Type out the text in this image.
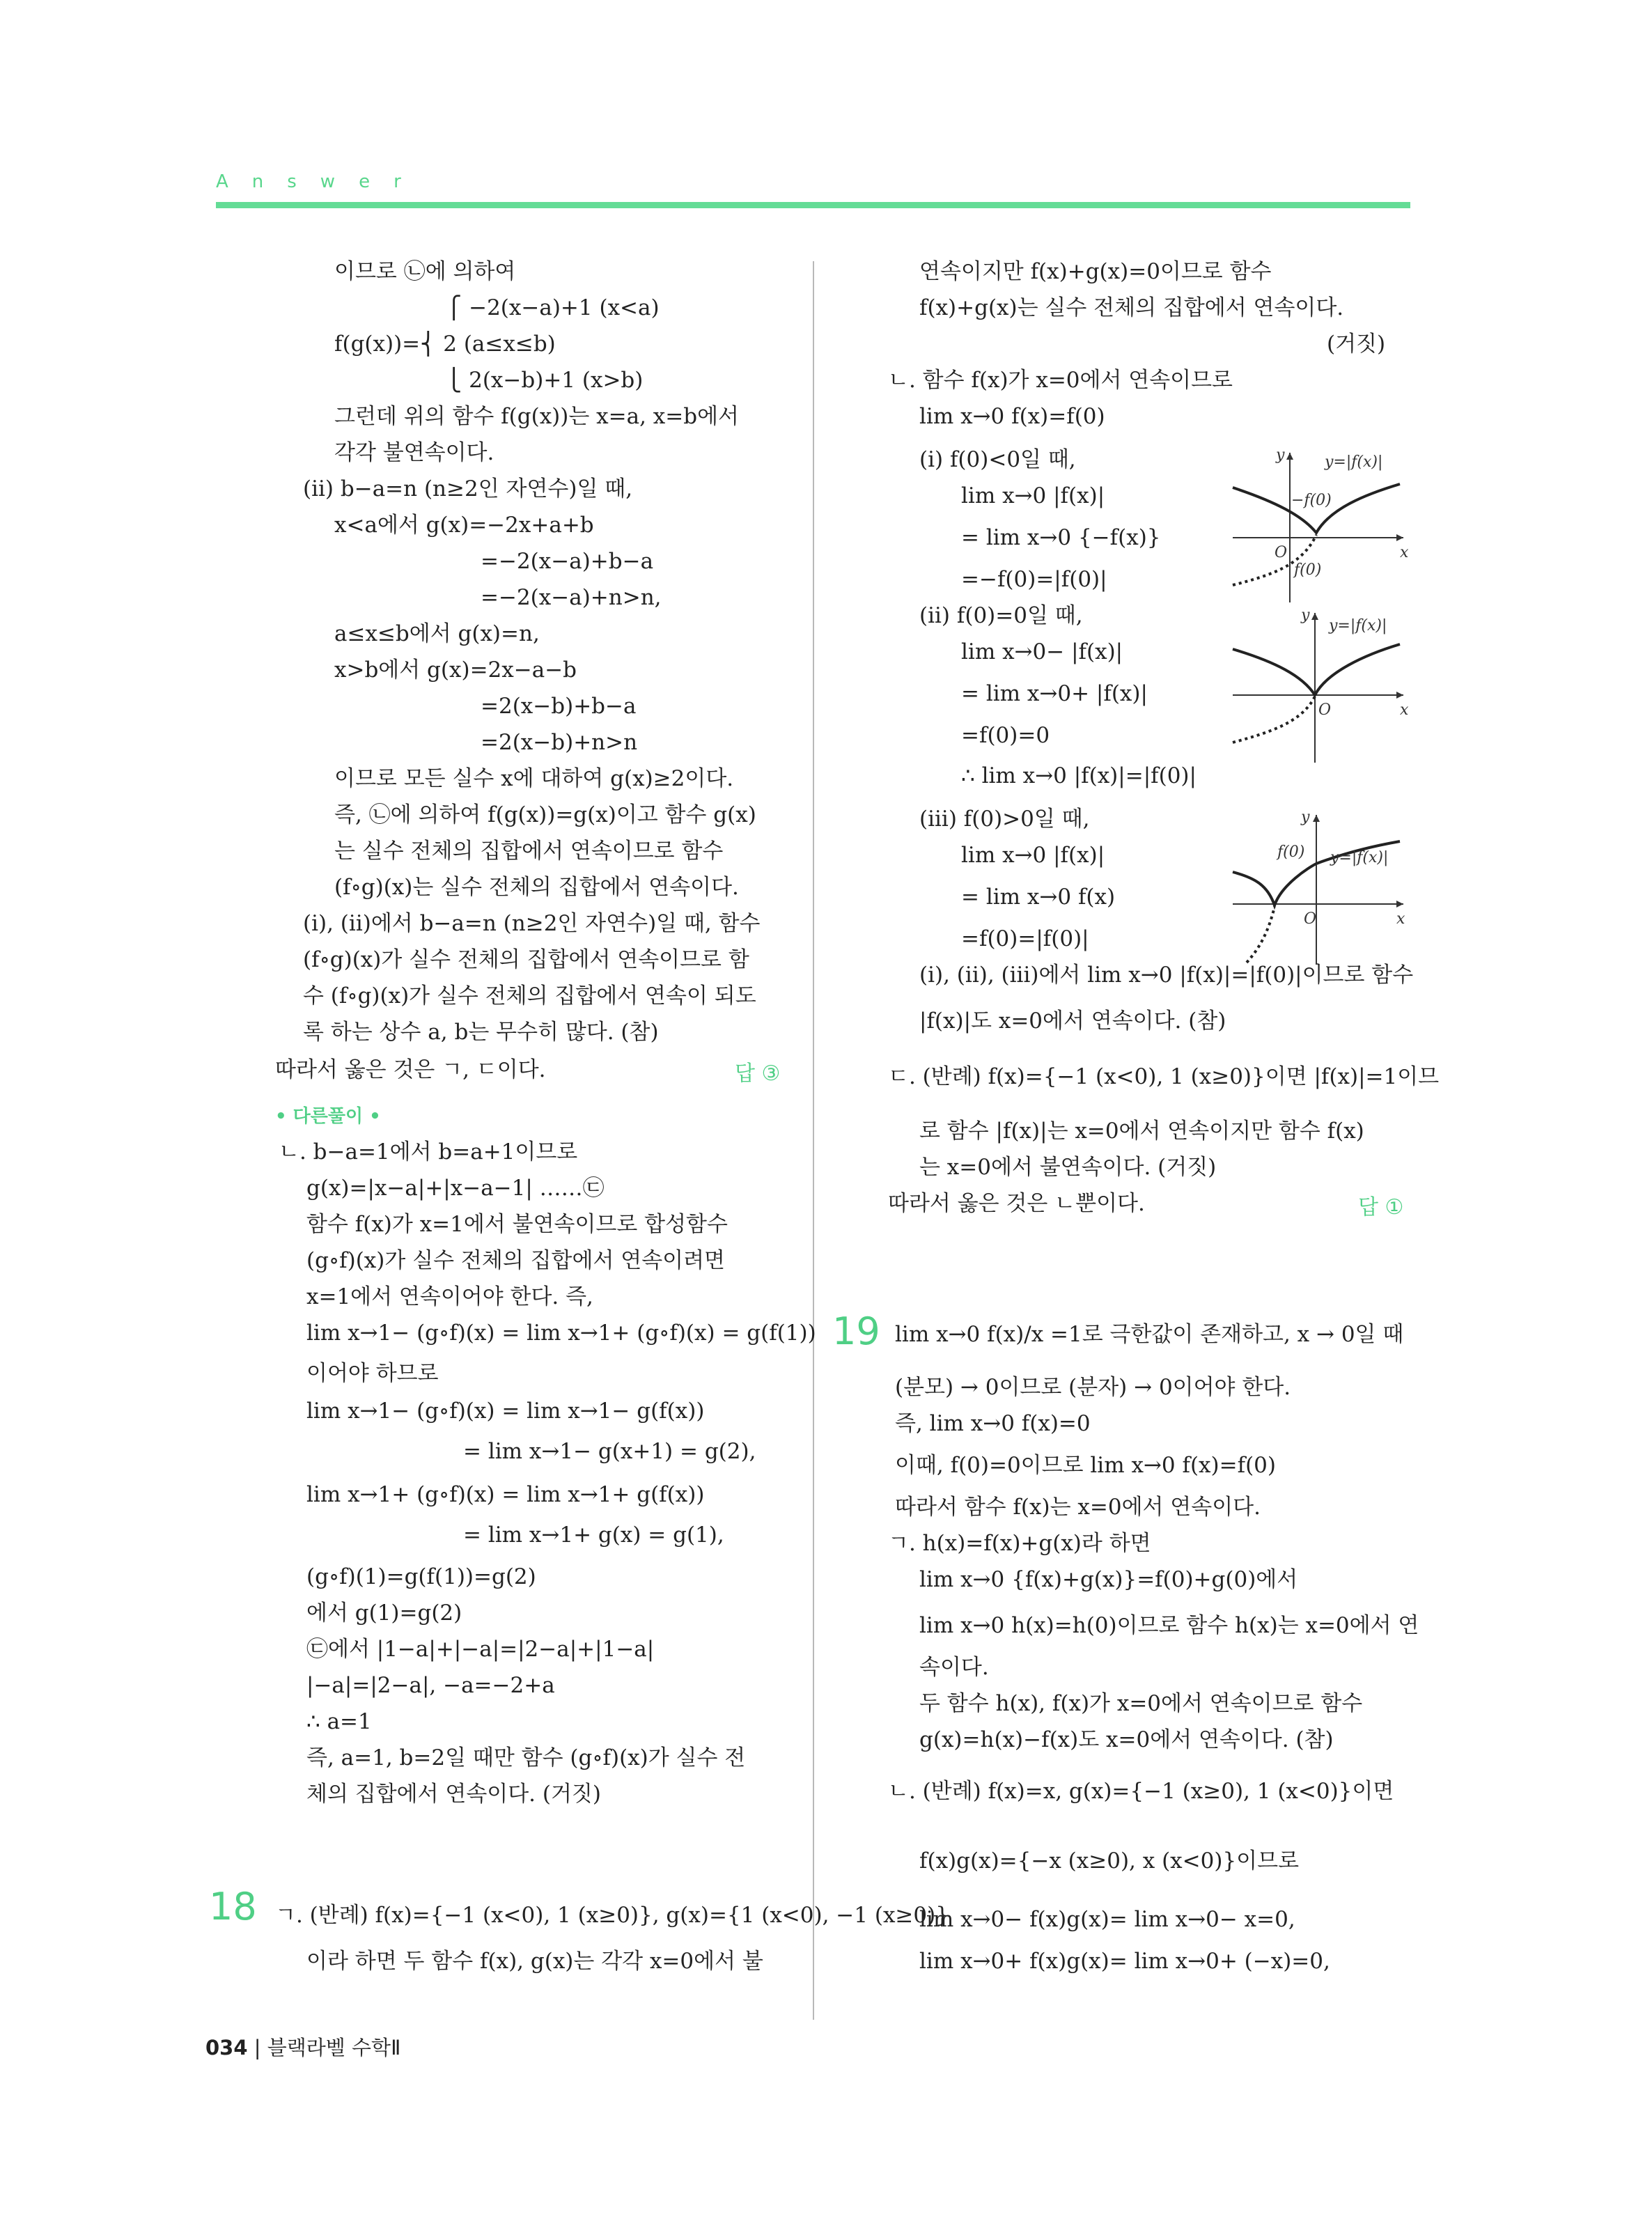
Answer
이므로 ㉡에 의하여
⎧ −2(x−a)+1 (x<a)
f(g(x))=⎨ 2 (a≤x≤b)
⎩ 2(x−b)+1 (x>b)
그런데 위의 함수 f(g(x))는 x=a, x=b에서
각각 불연속이다.
(ii) b−a=n (n≥2인 자연수)일 때,
x<a에서 g(x)=−2x+a+b
=−2(x−a)+b−a
=−2(x−a)+n>n,
a≤x≤b에서 g(x)=n,
x>b에서 g(x)=2x−a−b
=2(x−b)+b−a
=2(x−b)+n>n
이므로 모든 실수 x에 대하여 g(x)≥2이다.
즉, ㉡에 의하여 f(g(x))=g(x)이고 함수 g(x)
는 실수 전체의 집합에서 연속이므로 함수
(f∘g)(x)는 실수 전체의 집합에서 연속이다.
(i), (ii)에서 b−a=n (n≥2인 자연수)일 때, 함수
(f∘g)(x)가 실수 전체의 집합에서 연속이므로 함
수 (f∘g)(x)가 실수 전체의 집합에서 연속이 되도
록 하는 상수 a, b는 무수히 많다. (참)
따라서 옳은 것은 ㄱ, ㄷ이다.	답 ③
• 다른풀이 •
ㄴ. b−a=1에서 b=a+1이므로
g(x)=|x−a|+|x−a−1| ……㉢
함수 f(x)가 x=1에서 불연속이므로 합성함수
(g∘f)(x)가 실수 전체의 집합에서 연속이려면
x=1에서 연속이어야 한다. 즉,
lim x→1− (g∘f)(x) = lim x→1+ (g∘f)(x) = g(f(1))
이어야 하므로
lim x→1− (g∘f)(x) = lim x→1− g(f(x))
= lim x→1− g(x+1) = g(2),
lim x→1+ (g∘f)(x) = lim x→1+ g(f(x))
= lim x→1+ g(x) = g(1),
(g∘f)(1)=g(f(1))=g(2)
에서 g(1)=g(2)
㉢에서 |1−a|+|−a|=|2−a|+|1−a|
|−a|=|2−a|, −a=−2+a
∴ a=1
즉, a=1, b=2일 때만 함수 (g∘f)(x)가 실수 전
체의 집합에서 연속이다. (거짓)
18 ㄱ. (반례) f(x)={−1 (x<0), 1 (x≥0)}, g(x)={1 (x<0), −1 (x≥0)}
이라 하면 두 함수 f(x), g(x)는 각각 x=0에서 불
연속이지만 f(x)+g(x)=0이므로 함수
f(x)+g(x)는 실수 전체의 집합에서 연속이다.
(거짓)
ㄴ. 함수 f(x)가 x=0에서 연속이므로
lim x→0 f(x)=f(0)
(i) f(0)<0일 때,
lim x→0 |f(x)|
= lim x→0 {−f(x)}
=−f(0)=|f(0)|
(ii) f(0)=0일 때,
lim x→0− |f(x)|
= lim x→0+ |f(x)|
=f(0)=0
∴ lim x→0 |f(x)|=|f(0)|
(iii) f(0)>0일 때,
lim x→0 |f(x)|
= lim x→0 f(x)
=f(0)=|f(0)|
(i), (ii), (iii)에서 lim x→0 |f(x)|=|f(0)|이므로 함수
|f(x)|도 x=0에서 연속이다. (참)
ㄷ. (반례) f(x)={−1 (x<0), 1 (x≥0)}이면 |f(x)|=1이므
로 함수 |f(x)|는 x=0에서 연속이지만 함수 f(x)
는 x=0에서 불연속이다. (거짓)
따라서 옳은 것은 ㄴ뿐이다.	답 ①
19 lim x→0 f(x)/x =1로 극한값이 존재하고, x → 0일 때
(분모) → 0이므로 (분자) → 0이어야 한다.
즉, lim x→0 f(x)=0
이때, f(0)=0이므로 lim x→0 f(x)=f(0)
따라서 함수 f(x)는 x=0에서 연속이다.
ㄱ. h(x)=f(x)+g(x)라 하면
lim x→0 {f(x)+g(x)}=f(0)+g(0)에서
lim x→0 h(x)=h(0)이므로 함수 h(x)는 x=0에서 연
속이다.
두 함수 h(x), f(x)가 x=0에서 연속이므로 함수
g(x)=h(x)−f(x)도 x=0에서 연속이다. (참)
ㄴ. (반례) f(x)=x, g(x)={−1 (x≥0), 1 (x<0)}이면
f(x)g(x)={−x (x≥0), x (x<0)}이므로
lim x→0− f(x)g(x)= lim x→0− x=0,
lim x→0+ f(x)g(x)= lim x→0+ (−x)=0,
y
x
O
y=|f(x)|
−f(0)
f(0)
y
x
O
y=|f(x)|
y
x
O
f(0) y=|f(x)|
034 | 블랙라벨 수학Ⅱ
